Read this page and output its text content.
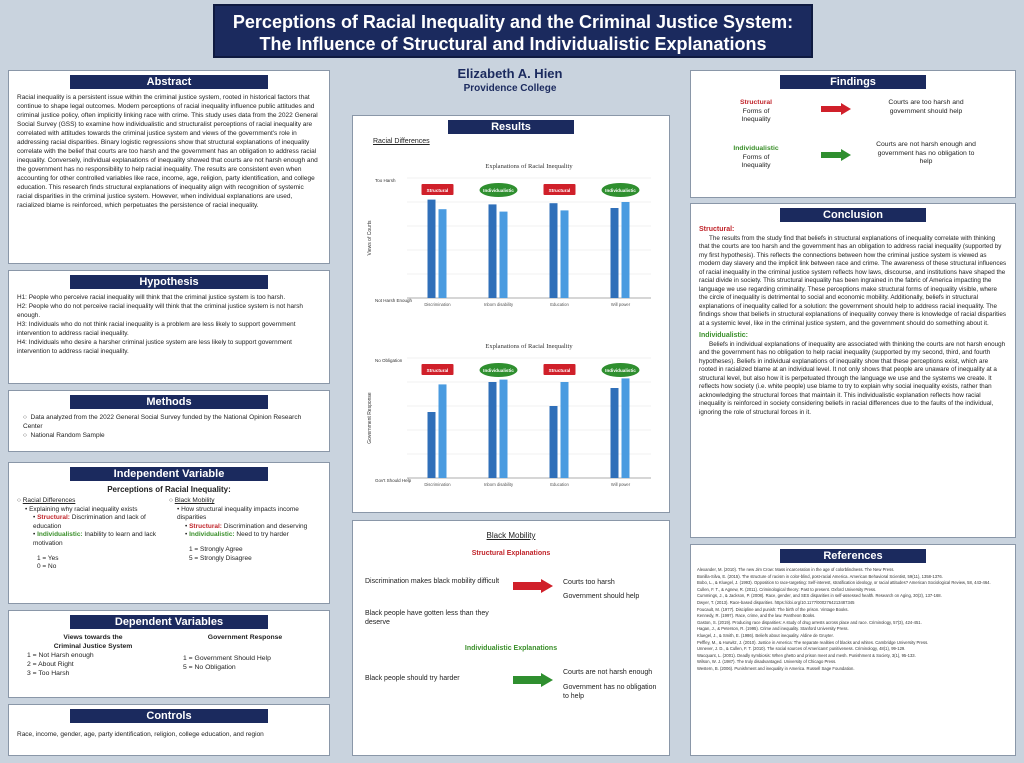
Perceptions of Racial Inequality and the Criminal Justice System:
The Influence of Structural and Individualistic Explanations
Elizabeth A. Hien
Providence College
Abstract
Racial inequality is a persistent issue within the criminal justice system, rooted in historical factors that continue to shape legal outcomes. Modern perceptions of racial inequality influence public attitudes and criminal justice policy, often implicitly linking race with crime. This study uses data from the 2022 General Social Survey (GSS) to examine how individualistic and structuralist perceptions of racial inequality are correlated with attitudes towards the criminal justice system and views of the government's role in addressing racial disparities. Binary logistic regressions show that structural explanations of inequality correlate with the belief that courts are too harsh and the government has an obligation to address racial inequality. Conversely, individual explanations of inequality showed that courts are not harsh enough and the government has no responsibility to help racial inequality. The results are consistent even when accounting for other controlled variables like race, income, age, religion, party identification, and college education. This research finds structural explanations of inequality align with recognition of systemic racial disparities in the criminal justice system. However, when individual explanations are used, racialized blame is reinforced, which perpetuates the persistence of racial inequality.
Hypothesis
H1: People who perceive racial inequality will think that the criminal justice system is too harsh.
H2: People who do not perceive racial inequality will think that the criminal justice system is not harsh enough.
H3: Individuals who do not think racial inequality is a problem are less likely to support government intervention to address racial inequality.
H4: Individuals who desire a harsher criminal justice system are less likely to support government intervention to address racial inequality.
Methods
○  Data analyzed from the 2022 General Social Survey funded by the National Opinion Research Center
○  National Random Sample
Independent Variable
Perceptions of Racial Inequality:
○ Racial Differences
• Explaining why racial inequality exists
• Structural: Discrimination and lack of education
• Individualistic: Inability to learn and lack motivation
1 = Yes
0 = No
○ Black Mobility
• How structural inequality impacts income disparities
• Structural: Discrimination and deserving
• Individualistic: Need to try harder
1 = Strongly Agree
5 = Strongly Disagree
Dependent Variables
Views towards the
Criminal Justice System
1 = Not Harsh enough
2 = About Right
3 = Too Harsh
Government Response
1 = Government Should Help
5 = No Obligation
Controls
Race, income, gender, age, party identification, religion, college education, and region
Results
Racial Differences
Explanations of Racial Inequality
Views of Courts
Too Harsh
Not Harsh Enough
Discrimination
Structural
Inborn disability
Individualistic
Education
Structural
Will power
Individualistic
Explanations of Racial Inequality
Government Response
No Obligation
Gov't Should Help
Discrimination
Structural
Inborn disability
Individualistic
Education
Structural
Will power
Individualistic
Black Mobility
Structural Explanations
Discrimination makes black mobility difficult
Black people have gotten less than they deserve
Courts too harsh
Government should help
Individualistic Explanations
Black people should try harder
Courts are not harsh enough
Government has no obligation to help
Findings
Structural
Forms of
Inequality
Courts are too harsh and government should help
Individualistic
Forms of
Inequality
Courts are not harsh enough and government has no obligation to help
Conclusion
Structural:
The results from the study find that beliefs in structural explanations of inequality correlate with thinking that the courts are too harsh and the government has an obligation to address racial inequality (supported by my first hypothesis). This reflects the connections between how the criminal justice system is viewed as modern day slavery and the implicit link between race and crime. The awareness of these structural influences of racial inequality in the criminal justice system reflects how laws, discourse, and institutions have shaped the racial divide in society. This structural inequality has been ingrained in the fabric of America impacting the language we use regarding criminality. These perceptions make structural forms of inequality visible, where the circle of inequality is detrimental to social and economic mobility. Additionally, beliefs in structural explanations of inequality called for a solution: the government should help to address racial inequality. The findings show that beliefs in structural explanations of inequality convey there is knowledge of racial disparities at a systemic level, like in the criminal justice system, and the government should do something about it.
Individualistic:
Beliefs in individual explanations of inequality are associated with thinking the courts are not harsh enough and the government has no obligation to help racial inequality (supported by my second, third, and fourth hypotheses). Beliefs in individual explanations of inequality show that these perceptions exist, which are rooted in racialized blame at an individual level. It not only shows that people are unaware of inequality at a structural level, but also how it is perpetuated through the language we use and the systems we create. It reflects how society (i.e. white people) use blame to try to explain why social inequality exists, rather than acknowledging the structural forces that maintain it. This individualistic explanation reflects how racial inequality is reinforced in society considering beliefs in racial differences due to the faults of the individual, ignoring the role of structural forces in it.
References
Alexander, M. (2010). The new Jim Crow: Mass incarceration in the age of colorblindness. The New Press.
Bonilla-Silva, E. (2015). The structure of racism in color-blind, post-racial America. American Behavioral Scientist, 59(11), 1358-1376.
Bobo, L., & Kluegel, J. (1993). Opposition to race-targeting: Self-interest, stratification ideology, or racial attitudes? American Sociological Review, 58, 443-464.
Cullen, F. T., & Agnew, R. (2011). Criminological theory: Past to present. Oxford University Press.
Cummings, J., & Jackson, P. (2008). Race, gender, and SES disparities in self-assessed health. Research on Aging, 30(2), 137-168.
Dwyer, T. (2013). Race-based disparities. https://doi.org/10.1177/0002764213487345
Foucault, M. (1977). Discipline and punish: The birth of the prison. Vintage Books.
Kennedy, R. (1997). Race, crime, and the law. Pantheon Books.
Gaston, S. (2019). Producing race disparities: A study of drug arrests across place and race. Criminology, 57(3), 424-451.
Hagan, J., & Peterson, R. (1995). Crime and inequality. Stanford University Press.
Kluegel, J., & Smith, E. (1986). Beliefs about inequality. Aldine de Gruyter.
Peffley, M., & Hurwitz, J. (2010). Justice in America: The separate realities of blacks and whites. Cambridge University Press.
Unnever, J. D., & Cullen, F. T. (2010). The social sources of Americans' punitiveness. Criminology, 48(1), 99-129.
Wacquant, L. (2001). Deadly symbiosis: When ghetto and prison meet and mesh. Punishment & Society, 3(1), 95-133.
Wilson, W. J. (1987). The truly disadvantaged. University of Chicago Press.
Western, B. (2006). Punishment and inequality in America. Russell Sage Foundation.
